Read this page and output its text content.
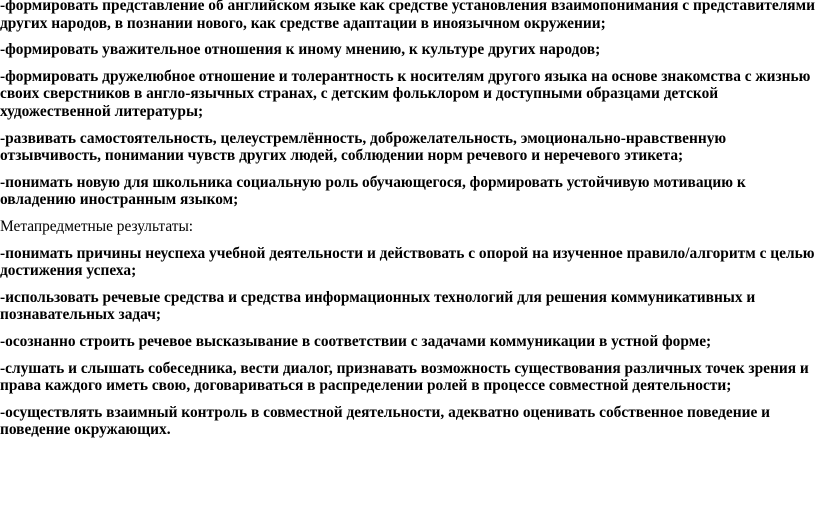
-формировать представление об английском языке как средстве установления взаимопонимания с представителями других народов, в познании нового, как средстве адаптации в иноязычном окружении;

-формировать уважительное отношения к иному мнению, к культуре других народов;

-формировать дружелюбное отношение и толерантность к носителям другого языка на основе знакомства с жизнью своих сверстников в англо-язычных странах, с детским фольклором и доступными образцами детской художественной литературы;

-развивать самостоятельность, целеустремлённость, доброжелательность, эмоционально-нравственную отзывчивость, понимании чувств других людей, соблюдении норм речевого и неречевого этикета;

-понимать новую для школьника социальную роль обучающегося, формировать устойчивую мотивацию к овладению иностранным языком;

Метапредметные результаты:

-понимать причины неуспеха учебной деятельности и действовать с опорой на изученное правило/алгоритм с целью достижения успеха;

-использовать речевые средства и средства информационных технологий для решения коммуникативных и познавательных задач;

-осознанно строить речевое высказывание в соответствии с задачами коммуникации в устной форме;

-слушать и слышать собеседника, вести диалог, признавать возможность существования различных точек зрения и права каждого иметь свою, договариваться в распределении ролей в процессе совместной деятельности;

-осуществлять взаимный контроль в совместной деятельности, адекватно оценивать собственное поведение и поведение окружающих.
